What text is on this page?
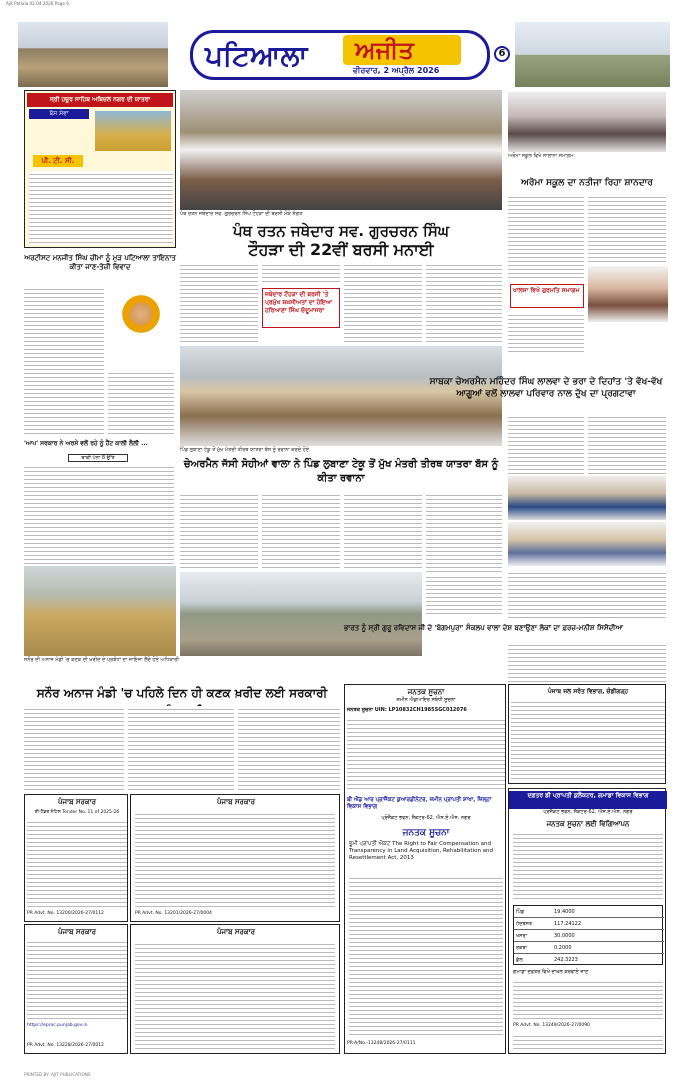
Ajit Patiala 02.04.2026 Page 6
ਪਟਿਆਲਾ	ਅਜੀਤ
ਵੀਰਵਾਰ, 2 ਅਪ੍ਰੈਲ 2026
6
ਸ੍ਰੀ ਹਜ਼ੂਰ ਸਾਹਿਬ ਅਬਿਚਲ ਨਗਰ ਦੀ ਯਾਤਰਾ
ਬੱਸ ਸੇਵਾ
ਪੀ. ਟੀ. ਸੀ.
ਅਰਟੀਸਟ ਮਨਜੀਤ ਸਿੰਘ ਚੀਮਾ ਨੂੰ ਮੁੜ ਪਟਿਆਲਾ ਤਾਇਨਾਤ ਕੀਤਾ ਜਾਣ-ਤੇਜ਼ੀ ਵਿਵਾਦ
'ਆਪ' ਸਰਕਾਰ ਨੇ ਅਰਸੇ ਵਲੋਂ ਰਹੇ ਨੂੰ ਹੈਂਟ ਕਾਲੀ ਲੈਲੀ ...
ਬਾਕੀ ਪੰਨਾ 8 ਉੱਤੇ
ਪੰਥ ਰਤਨ ਜਥੇਦਾਰ ਸਵ. ਗੁਰਚਰਨ ਸਿੰਘ ਟੌਹੜਾ ਦੀ ਬਰਸੀ ਮੌਕੇ ਸੰਗਤ
ਪੰਥ ਰਤਨ ਜਥੇਦਾਰ ਸਵ. ਗੁਰਚਰਨ ਸਿੰਘ
ਟੌਹੜਾ ਦੀ 22ਵੀਂ ਬਰਸੀ ਮਨਾਈ
ਜਥੇਦਾਰ ਟੌਹੜਾ ਦੀ ਬਰਸੀ 'ਤੇ ਪ੍ਰਮੁੱਖ ਸ਼ਖ਼ਸੀਅਤਾਂ ਦਾ ਹੋਇਆ ਹਰਿਆਣਾ ਸਿੰਘ ਚੱਦੂਮਾਜਰਾ
ਪਿੰਡ ਲੁਬਾਣਾ ਟੇਕੂ ਤੋਂ ਮੁੱਖ ਮੰਤਰੀ ਤੀਰਥ ਯਾਤਰਾ ਬੱਸ ਨੂੰ ਰਵਾਨਾ ਕਰਦੇ ਹੋਏ
ਚੇਅਰਮੈਨ ਜੱਸੀ ਸੋਹੀਆਂ ਵਾਲਾ ਨੇ ਪਿੰਡ ਲੁਬਾਣਾ ਟੇਕੂ ਤੋਂ ਮੁੱਖ ਮੰਤਰੀ ਤੀਰਥ ਯਾਤਰਾ ਬੱਸ ਨੂੰ ਕੀਤਾ ਰਵਾਨਾ
ਅਰੋਮਾ ਸਕੂਲ ਵਿਖੇ ਸਾਲਾਨਾ ਸਮਾਗਮ
ਅਰੋਮਾ ਸਕੂਲ ਦਾ ਨਤੀਜਾ ਰਿਹਾ ਸ਼ਾਨਦਾਰ
ਖਾਲਸਾ ਵਿਖੇ ਗੁਰਮਤਿ ਸਮਾਗਮ
ਸਾਬਕਾ ਚੇਅਰਮੈਨ ਮਹਿੰਦਰ ਸਿੰਘ ਲਾਲਵਾ ਦੇ ਭਰਾ ਦੇ ਦਿਹਾਂਤ 'ਤੇ ਵੱਖ-ਵੱਖ ਆਗੂਆਂ ਵਲੋਂ ਲਾਲਵਾ ਪਰਿਵਾਰ ਨਾਲ ਦੁੱਖ ਦਾ ਪ੍ਰਗਟਾਵਾ
ਭਾਰਤ ਨੂੰ ਸ੍ਰੀ ਗੁਰੂ ਰਵਿਦਾਸ ਜੀ ਦੇ 'ਬੇਗਮਪੁਰਾ' ਸੰਕਲਪ ਵਾਲਾ ਦੇਸ਼ ਬਣਾਉਣਾ ਲੋਕਾਂ ਦਾ ਫ਼ਰਜ਼-ਮਨੀਸ਼ ਸਿਸੋਦੀਆ
ਸਨੌਰ ਦੀ ਅਨਾਜ ਮੰਡੀ 'ਚ ਕਣਕ ਦੀ ਖ਼ਰੀਦ ਦੇ ਪ੍ਰਬੰਧਾਂ ਦਾ ਜਾਇਜ਼ਾ ਲੈਂਦੇ ਹੋਏ ਅਧਿਕਾਰੀ
ਸਨੌਰ ਅਨਾਜ ਮੰਡੀ 'ਚ ਪਹਿਲੇ ਦਿਨ ਹੀ ਕਣਕ ਖ਼ਰੀਦ ਲਈ ਸਰਕਾਰੀ
ਪੰਜਾਬ ਸਰਕਾਰ
ਈ-ਟੈਂਡਰ ਨੋਟਿਸ Tender No. 11 of 2025-26
PR Advt. No. 13200/2026-27/0112
ਪੰਜਾਬ ਸਰਕਾਰ
PR Advt. No. 13201/2026-27/0004
ਪੰਜਾਬ ਸਰਕਾਰ
https://eproc.punjab.gov.in
PR Advt. No. 13228/2026-27/0012
ਪੰਜਾਬ ਸਰਕਾਰ
ਜਨਤਕ ਸੂਚਨਾ
ਜ਼ਮੀਨ ਐਕੁਆਇਰ ਸਬੰਧੀ ਸੂਚਨਾ
ਜਨਤਕ ਸੂਚਨਾ UIN: LP10832CH1985SGC012076
ਬੀ ਐਂਡ ਆਰ ਪ੍ਰਾਜੈਕਟ ਕੁਆਰਡੀਨੇਟਰ, ਜ਼ਮੀਨ ਪ੍ਰਾਪਤੀ ਸ਼ਾਖਾ, ਜ਼ਿਲ੍ਹਾ ਵਿਕਾਸ ਵਿਭਾਗ
ਪ੍ਰੋਜੈਕਟ ਭਵਨ, ਸੈਕਟਰ-62, ਐਸ.ਏ.ਐਸ. ਨਗਰ
ਜਨਤਕ ਸੂਚਨਾ
ਭੂਮੀ ਪ੍ਰਾਪਤੀ ਐਕਟ The Right to Fair Compensation and Transparency in Land Acquisition, Rehabilitation and Resettlement Act, 2013
PR-A/No.-13248/2026-27/0111
ਪੰਜਾਬ ਜਲ ਸਰੋਤ ਵਿਭਾਗ, ਚੰਡੀਗੜ੍ਹ
ਦਫ਼ਤਰ ਡੀ ਪ੍ਰਾਪਤੀ ਕੁਲੈਕਟਰ, ਗਮਾਡਾ ਵਿਕਾਸ ਵਿਭਾਗ
ਪ੍ਰੋਜੈਕਟ ਭਵਨ, ਸੈਕਟਰ-62, ਐਸ.ਏ.ਐਸ. ਨਗਰ
ਜਨਤਕ ਸੂਚਨਾ ਲਈ ਵਿਗਿਆਪਨ
ਪਿੰਡ	19.4000
ਹੱਦਬਸਤ	117.24122
ਖਸਰਾ	30.0000
ਰਕਬਾ	0.2000
ਕੁੱਲ	242.3223
ਗਮਾਡਾ ਦਫ਼ਤਰ ਵਿਖੇ ਦਾਖ਼ਲ ਕਰਵਾਏ ਜਾਣ
PR Advt. No. 13249/2026-27/0090
PRINTED BY: AJIT PUBLICATIONS
